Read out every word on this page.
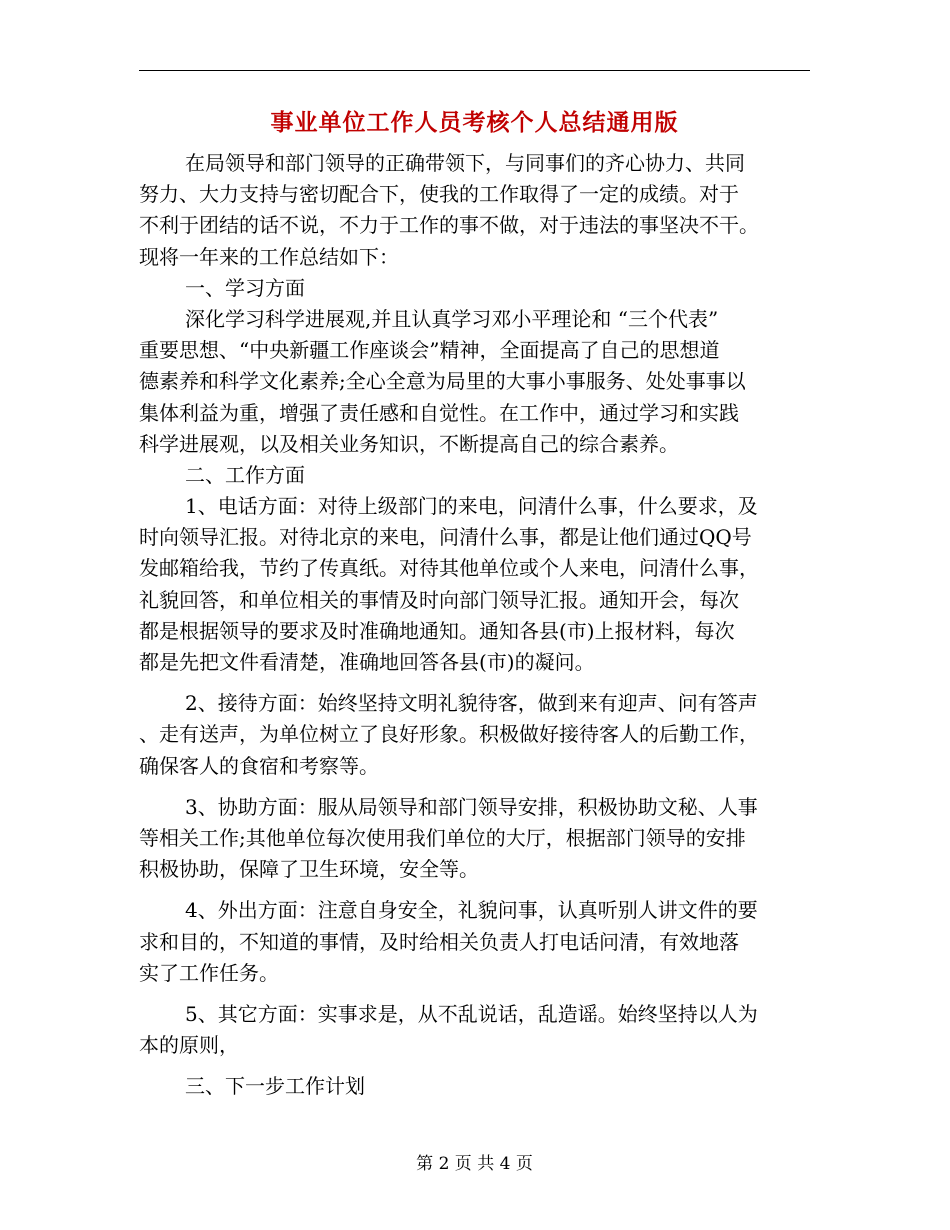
事业单位工作人员考核个人总结通用版
在局领导和部门领导的正确带领下，与同事们的齐心协力、共同
努力、大力支持与密切配合下，使我的工作取得了一定的成绩。对于
不利于团结的话不说，不力于工作的事不做，对于违法的事坚决不干。
现将一年来的工作总结如下：
一、学习方面
深化学习科学进展观,并且认真学习邓小平理论和 “三个代表”
重要思想、“中央新疆工作座谈会”精神，全面提高了自己的思想道
德素养和科学文化素养;全心全意为局里的大事小事服务、处处事事以
集体利益为重，增强了责任感和自觉性。在工作中，通过学习和实践
科学进展观，以及相关业务知识，不断提高自己的综合素养。
二、工作方面
1、电话方面：对待上级部门的来电，问清什么事，什么要求，及
时向领导汇报。对待北京的来电，问清什么事，都是让他们通过QQ号
发邮箱给我，节约了传真纸。对待其他单位或个人来电，问清什么事，
礼貌回答，和单位相关的事情及时向部门领导汇报。通知开会，每次
都是根据领导的要求及时准确地通知。通知各县(市)上报材料，每次
都是先把文件看清楚，准确地回答各县(市)的凝问。
2、接待方面：始终坚持文明礼貌待客，做到来有迎声、问有答声
、走有送声，为单位树立了良好形象。积极做好接待客人的后勤工作，
确保客人的食宿和考察等。
3、协助方面：服从局领导和部门领导安排，积极协助文秘、人事
等相关工作;其他单位每次使用我们单位的大厅，根据部门领导的安排
积极协助，保障了卫生环境，安全等。
4、外出方面：注意自身安全，礼貌问事，认真听别人讲文件的要
求和目的，不知道的事情，及时给相关负责人打电话问清，有效地落
实了工作任务。
5、其它方面：实事求是，从不乱说话，乱造谣。始终坚持以人为
本的原则，
三、下一步工作计划
第 2 页 共 4 页
